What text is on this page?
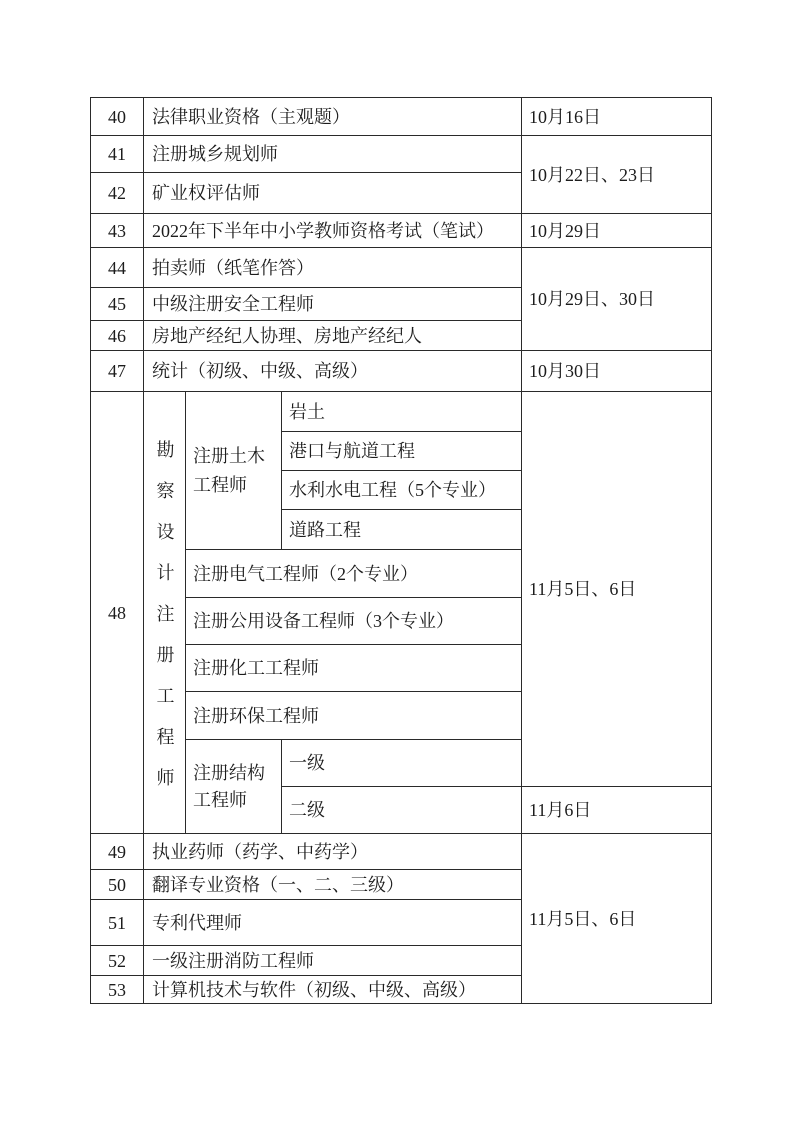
40 法律职业资格（主观题）
41 注册城乡规划师
42 矿业权评估师
43 2022年下半年中小学教师资格考试（笔试）
44 拍卖师（纸笔作答）
45 中级注册安全工程师
46 房地产经纪人协理、房地产经纪人
47 统计（初级、中级、高级）
48 勘察设计注册工程师 注册土木工程师
岩土
港口与航道工程
水利水电工程（5个专业）
道路工程
注册电气工程师（2个专业）
注册公用设备工程师（3个专业）
注册化工工程师
注册环保工程师
注册结构工程师
一级
二级
49 执业药师（药学、中药学）
50 翻译专业资格（一、二、三级）
51 专利代理师
52 一级注册消防工程师
53 计算机技术与软件（初级、中级、高级）
10月16日
10月22日、23日
10月29日
10月29日、30日
10月30日
11月5日、6日
11月6日
11月5日、6日
